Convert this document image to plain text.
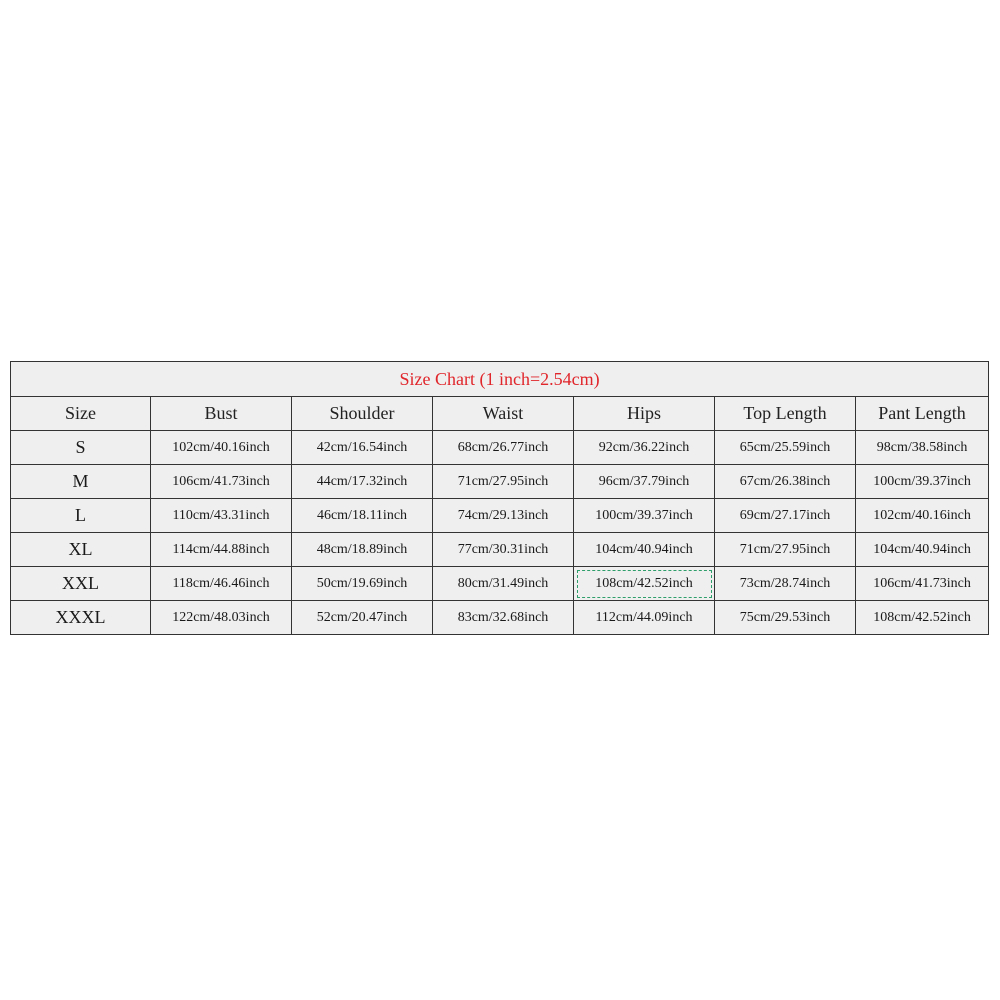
Size Chart (1 inch=2.54cm)						
Size	Bust	Shoulder	Waist	Hips	Top Length	Pant Length
S	102cm/40.16inch	42cm/16.54inch	68cm/26.77inch	92cm/36.22inch	65cm/25.59inch	98cm/38.58inch
M	106cm/41.73inch	44cm/17.32inch	71cm/27.95inch	96cm/37.79inch	67cm/26.38inch	100cm/39.37inch
L	110cm/43.31inch	46cm/18.11inch	74cm/29.13inch	100cm/39.37inch	69cm/27.17inch	102cm/40.16inch
XL	114cm/44.88inch	48cm/18.89inch	77cm/30.31inch	104cm/40.94inch	71cm/27.95inch	104cm/40.94inch
XXL	118cm/46.46inch	50cm/19.69inch	80cm/31.49inch	108cm/42.52inch	73cm/28.74inch	106cm/41.73inch
XXXL	122cm/48.03inch	52cm/20.47inch	83cm/32.68inch	112cm/44.09inch	75cm/29.53inch	108cm/42.52inch
